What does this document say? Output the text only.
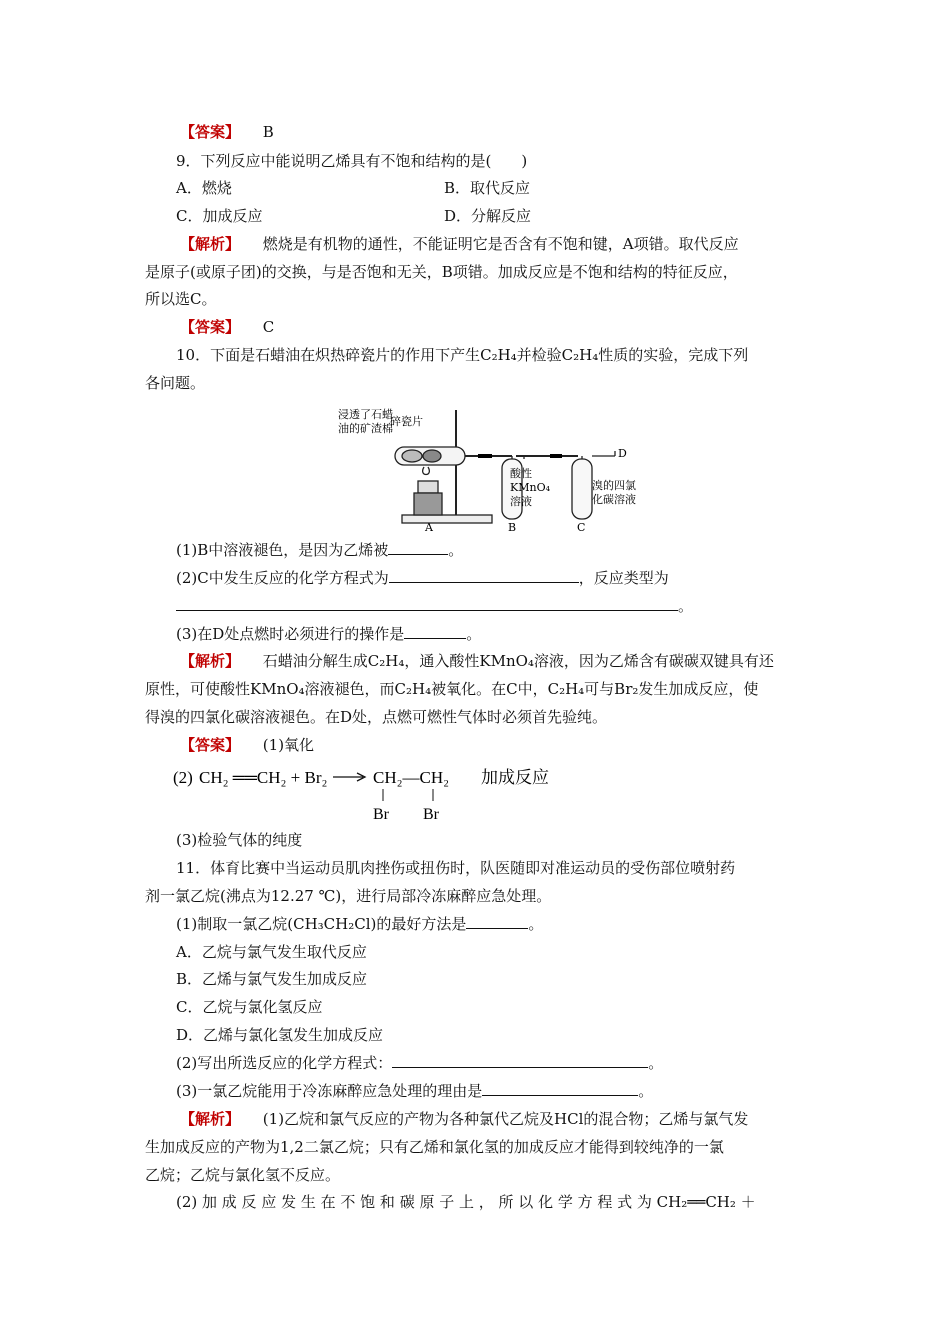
【答案】 B
9．下列反应中能说明乙烯具有不饱和结构的是(　　)
A．燃烧	B．取代反应
C．加成反应	D．分解反应
【解析】 燃烧是有机物的通性，不能证明它是否含有不饱和键，A项错。取代反应
是原子(或原子团)的交换，与是否饱和无关，B项错。加成反应是不饱和结构的特征反应，
所以选C。
【答案】 C
10．下面是石蜡油在炽热碎瓷片的作用下产生C₂H₄并检验C₂H₄性质的实验，完成下列
各问题。
浸透了石蜡
油的矿渣棉
碎瓷片
酸性
KMnO₄
溶液
溴的四氯
化碳溶液
A	B	C
D
(1)B中溶液褪色，是因为乙烯被	。
(2)C中发生反应的化学方程式为	，反应类型为
。
(3)在D处点燃时必须进行的操作是	。
【解析】 石蜡油分解生成C₂H₄，通入酸性KMnO₄溶液，因为乙烯含有碳碳双键具有还
原性，可使酸性KMnO₄溶液褪色，而C₂H₄被氧化。在C中，C₂H₄可与Br₂发生加成反应，使
得溴的四氯化碳溶液褪色。在D处，点燃可燃性气体时必须首先验纯。
【答案】 (1)氧化
(2) CH₂ ══CH₂ + Br₂	CH₂—CH₂
Br Br
加成反应
(3)检验气体的纯度
11．体育比赛中当运动员肌肉挫伤或扭伤时，队医随即对准运动员的受伤部位喷射药
剂一氯乙烷(沸点为12.27 ℃)，进行局部冷冻麻醉应急处理。
(1)制取一氯乙烷(CH₃CH₂Cl)的最好方法是	。
A．乙烷与氯气发生取代反应
B．乙烯与氯气发生加成反应
C．乙烷与氯化氢反应
D．乙烯与氯化氢发生加成反应
(2)写出所选反应的化学方程式：	。
(3)一氯乙烷能用于冷冻麻醉应急处理的理由是	。
【解析】 (1)乙烷和氯气反应的产物为各种氯代乙烷及HCl的混合物；乙烯与氯气发
生加成反应的产物为1,2二氯乙烷；只有乙烯和氯化氢的加成反应才能得到较纯净的一氯
乙烷；乙烷与氯化氢不反应。
(2) 加 成 反 应 发 生 在 不 饱 和 碳 原 子 上 ， 所 以 化 学 方 程 式 为 CH₂══CH₂ ＋
